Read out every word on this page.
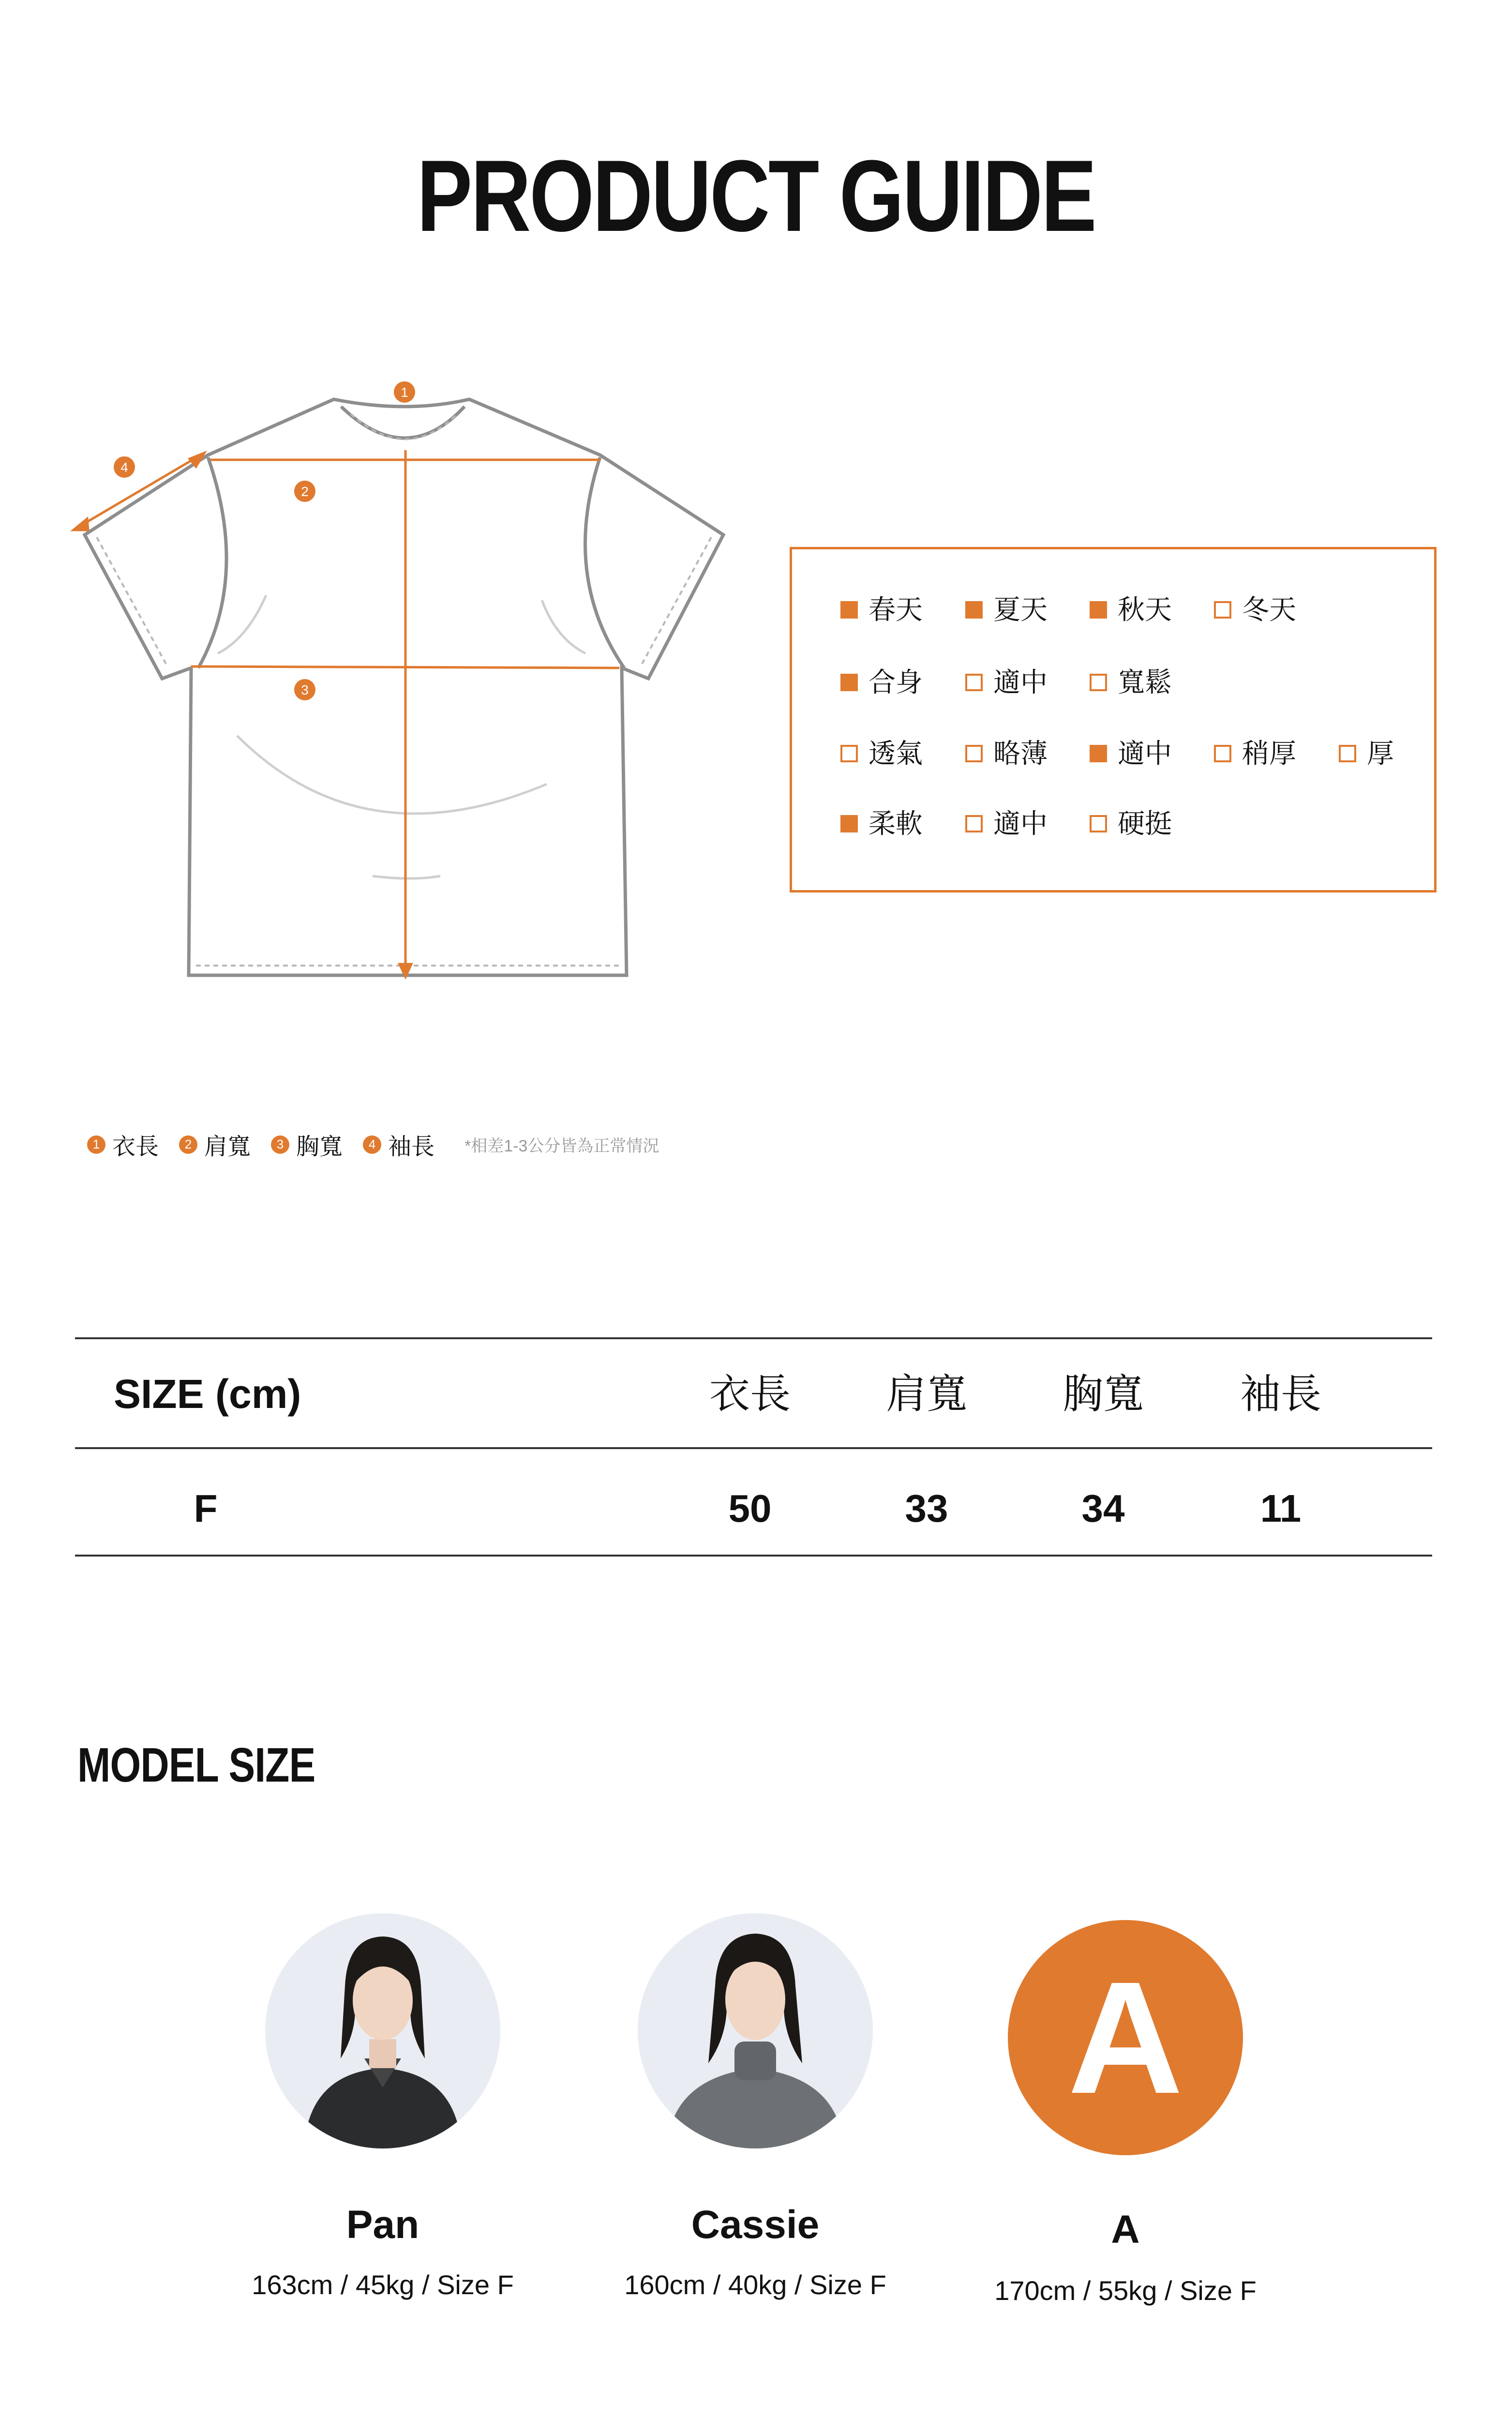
PRODUCT GUIDE
1
2
3
4
春天	夏天	秋天	冬天
合身	適中	寬鬆
透氣	略薄	適中	稍厚	厚
柔軟	適中	硬挺
1 衣長	2 肩寬	3 胸寬	4 袖長 *相差1-3公分皆為正常情況
SIZE (cm)	衣長	肩寬	胸寬	袖長
F	50	33	34	11
MODEL SIZE
Pan
163cm / 45kg / Size F
Cassie
160cm / 40kg / Size F
A
A
170cm / 55kg / Size F
